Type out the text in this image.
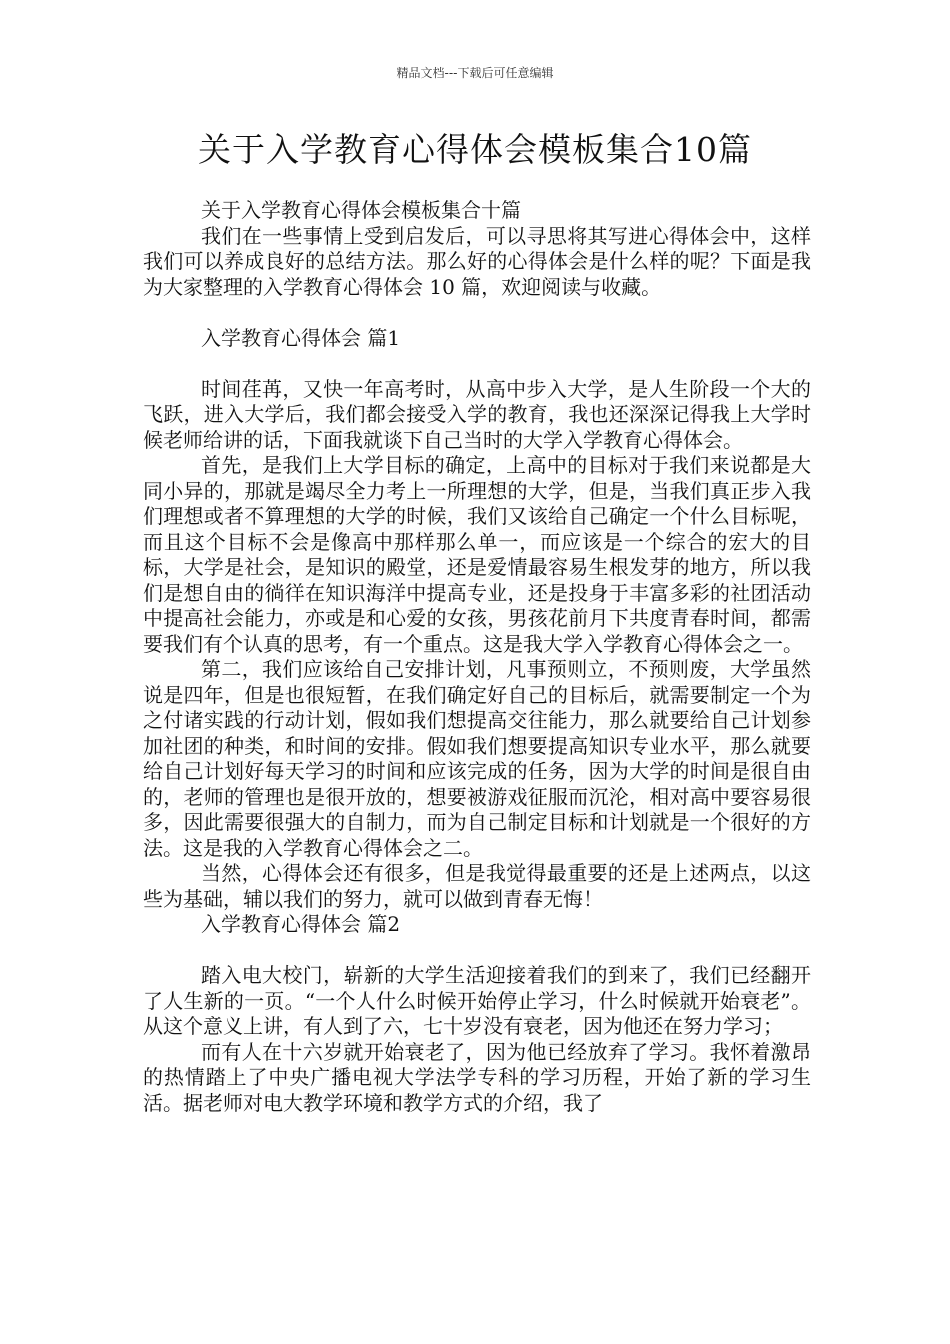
精品文档---下载后可任意编辑
关于入学教育心得体会模板集合10篇

关于入学教育心得体会模板集合十篇

我们在一些事情上受到启发后，可以寻思将其写进心得体会中，这样我们可以养成良好的总结方法。那么好的心得体会是什么样的呢？下面是我为大家整理的入学教育心得体会 10 篇，欢迎阅读与收藏。

入学教育心得体会 篇1

时间荏苒，又快一年高考时，从高中步入大学，是人生阶段一个大的飞跃，进入大学后，我们都会接受入学的教育，我也还深深记得我上大学时候老师给讲的话，下面我就谈下自己当时的大学入学教育心得体会。

首先，是我们上大学目标的确定，上高中的目标对于我们来说都是大同小异的，那就是竭尽全力考上一所理想的大学，但是，当我们真正步入我们理想或者不算理想的大学的时候，我们又该给自己确定一个什么目标呢，而且这个目标不会是像高中那样那么单一，而应该是一个综合的宏大的目标，大学是社会，是知识的殿堂，还是爱情最容易生根发芽的地方，所以我们是想自由的徜徉在知识海洋中提高专业，还是投身于丰富多彩的社团活动中提高社会能力，亦或是和心爱的女孩，男孩花前月下共度青春时间，都需要我们有个认真的思考，有一个重点。这是我大学入学教育心得体会之一。

第二，我们应该给自己安排计划，凡事预则立，不预则废，大学虽然说是四年，但是也很短暂，在我们确定好自己的目标后，就需要制定一个为之付诸实践的行动计划，假如我们想提高交往能力，那么就要给自己计划参加社团的种类，和时间的安排。假如我们想要提高知识专业水平，那么就要给自己计划好每天学习的时间和应该完成的任务，因为大学的时间是很自由的，老师的管理也是很开放的，想要被游戏征服而沉沦，相对高中要容易很多，因此需要很强大的自制力，而为自己制定目标和计划就是一个很好的方法。这是我的入学教育心得体会之二。

当然，心得体会还有很多，但是我觉得最重要的还是上述两点，以这些为基础，辅以我们的努力，就可以做到青春无悔！

入学教育心得体会 篇2

踏入电大校门，崭新的大学生活迎接着我们的到来了，我们已经翻开了人生新的一页。“一个人什么时候开始停止学习，什么时候就开始衰老”。从这个意义上讲，有人到了六，七十岁没有衰老，因为他还在努力学习；

而有人在十六岁就开始衰老了，因为他已经放弃了学习。我怀着激昂的热情踏上了中央广播电视大学法学专科的学习历程，开始了新的学习生活。据老师对电大教学环境和教学方式的介绍，我了
